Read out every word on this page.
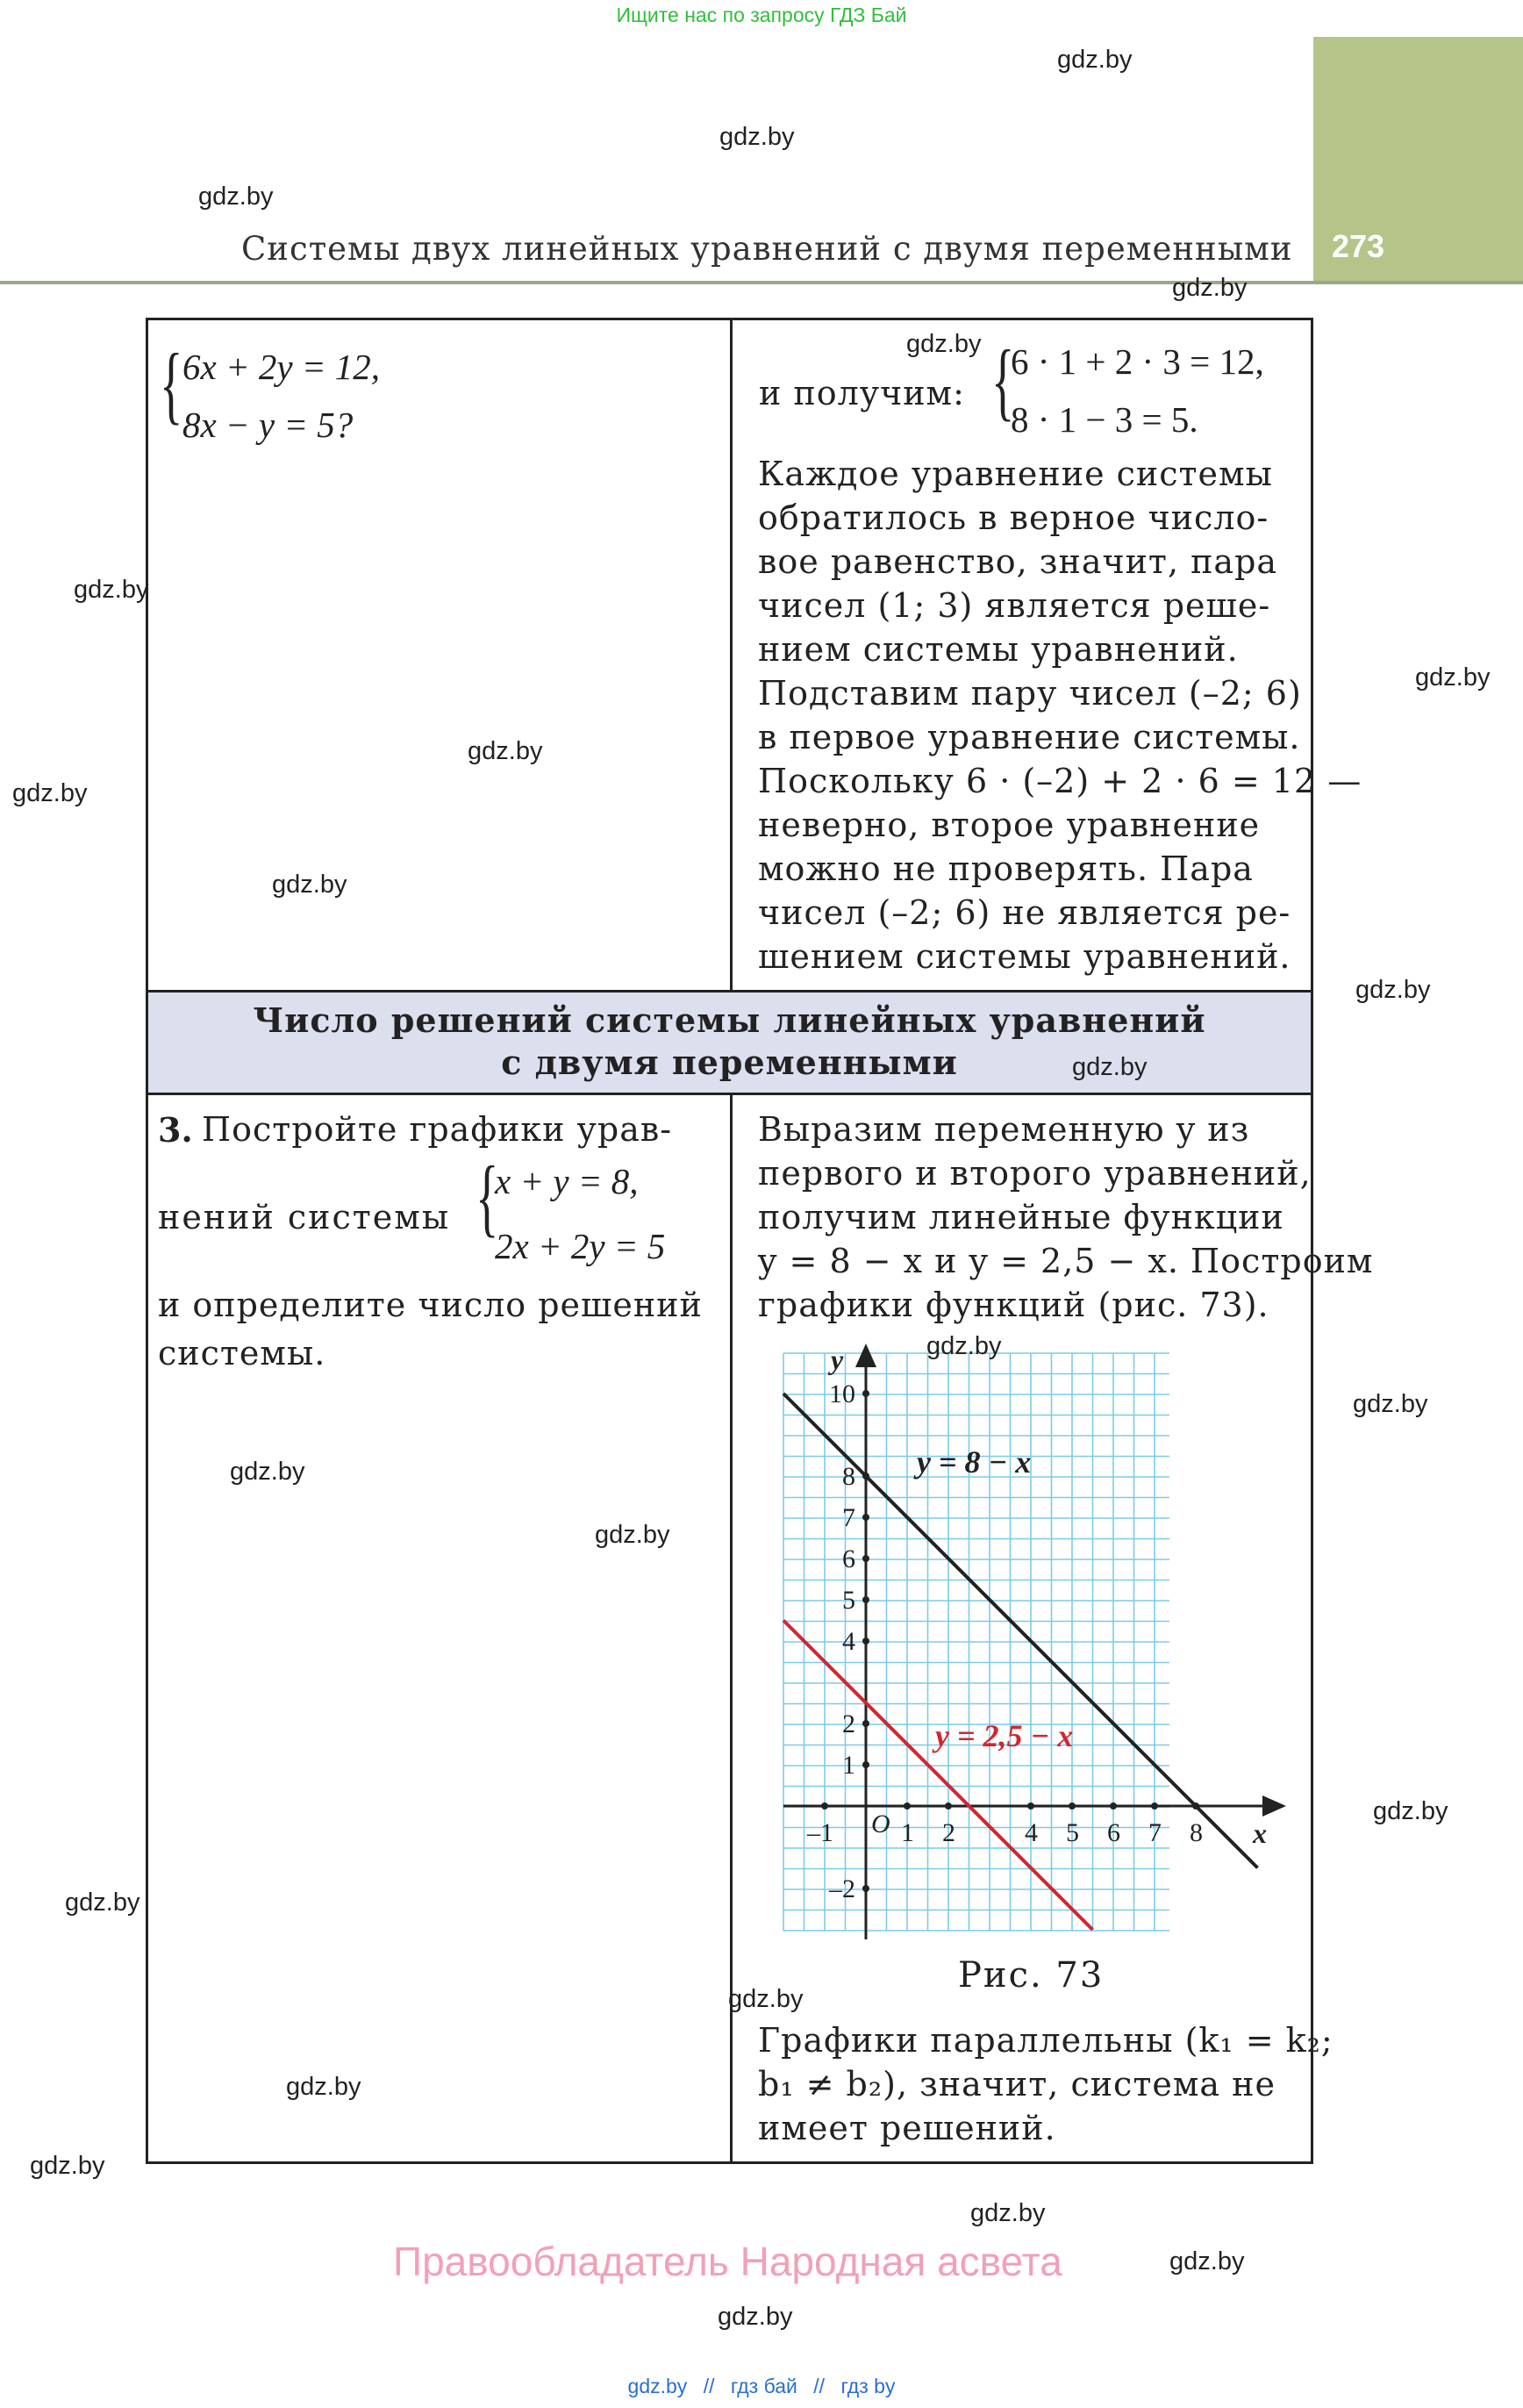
Ищите нас по запросу ГДЗ Бай
273
Системы двух линейных уравнений с двумя переменными
{ 6x + 2y = 12,
8x − y = 5?
и получим: {
6 · 1 + 2 · 3 = 12,
8 · 1 − 3 = 5.
Каждое уравнение системы
обратилось в верное число-
вое равенство, значит, пара
чисел (1; 3) является реше-
нием системы уравнений.
Подставим пару чисел (–2; 6)
в первое уравнение системы.
Поскольку 6 · (–2) + 2 · 6 = 12 —
неверно, второе уравнение
можно не проверять. Пара
чисел (–2; 6) не является ре-
шением системы уравнений.
Число решений системы линейных уравнений
с двумя переменными
3. Постройте графики урав-
нений системы {
x + y = 8,
2x + 2y = 5
и определите число решений
системы.
Выразим переменную y из
первого и второго уравнений,
получим линейные функции
y = 8 − x и y = 2,5 − x. Построим
графики функций (рис. 73).
–1	1 2	4 5 6 7 8
10
8
7
6
5
4
2
1
–2
x
y
O
y = 8 − x
y = 2,5 − x
Рис. 73
Графики параллельны (k₁ = k₂;
b₁ ≠ b₂), значит, система не
имеет решений.
Правообладатель Народная асвета
gdz.by
gdz.by
gdz.by
gdz.by
gdz.by
gdz.by
gdz.by
gdz.by
gdz.by
gdz.by
gdz.by
gdz.by
gdz.by
gdz.by
gdz.by
gdz.by
gdz.by
gdz.by
gdz.by
gdz.by
gdz.by
gdz.by
gdz.by
gdz.by
gdz.by // гдз бай // гдз by
